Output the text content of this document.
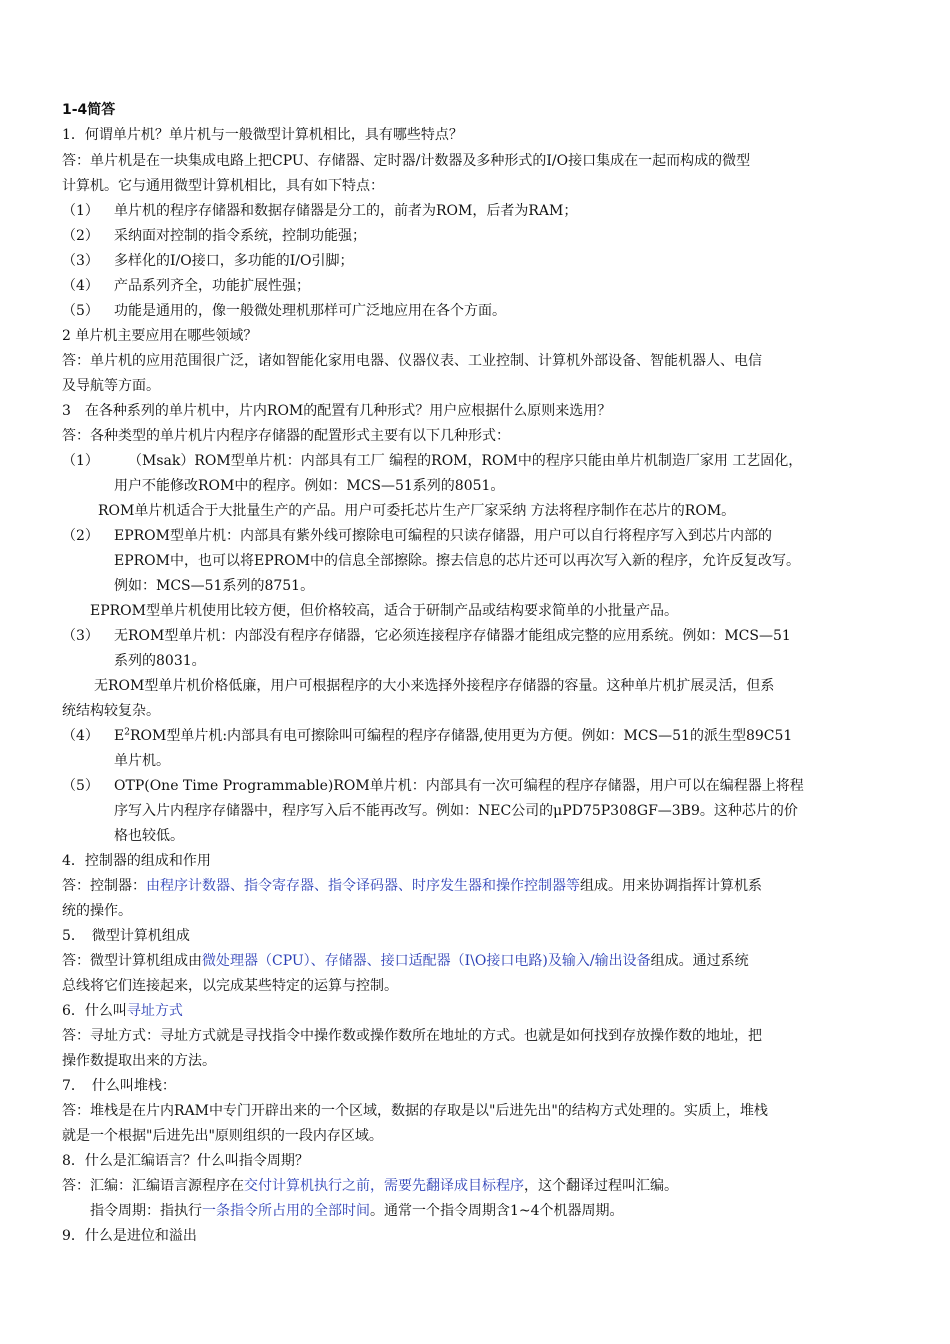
1-4简答
1．何谓单片机？单片机与一般微型计算机相比，具有哪些特点？
答：单片机是在一块集成电路上把CPU、存储器、定时器/计数器及多种形式的I/O接口集成在一起而构成的微型
计算机。它与通用微型计算机相比，具有如下特点：
（1）	单片机的程序存储器和数据存储器是分工的，前者为ROM，后者为RAM；
（2）	采纳面对控制的指令系统，控制功能强；
（3）	多样化的I/O接口，多功能的I/O引脚；
（4）	产品系列齐全，功能扩展性强；
（5）	功能是通用的，像一般微处理机那样可广泛地应用在各个方面。
2 单片机主要应用在哪些领域？
答：单片机的应用范围很广泛，诸如智能化家用电器、仪器仪表、工业控制、计算机外部设备、智能机器人、电信
及导航等方面。
3　在各种系列的单片机中，片内ROM的配置有几种形式？用户应根据什么原则来选用？
答：各种类型的单片机片内程序存储器的配置形式主要有以下几种形式：
（1）	（Msak）ROM型单片机：内部具有工厂 编程的ROM，ROM中的程序只能由单片机制造厂家用 工艺固化，
用户不能修改ROM中的程序。例如：MCS—51系列的8051。
ROM单片机适合于大批量生产的产品。用户可委托芯片生产厂家采纳 方法将程序制作在芯片的ROM。
（2）	EPROM型单片机：内部具有紫外线可擦除电可编程的只读存储器，用户可以自行将程序写入到芯片内部的
EPROM中，也可以将EPROM中的信息全部擦除。擦去信息的芯片还可以再次写入新的程序，允许反复改写。
例如：MCS—51系列的8751。
EPROM型单片机使用比较方便，但价格较高，适合于研制产品或结构要求简单的小批量产品。
（3）	无ROM型单片机：内部没有程序存储器，它必须连接程序存储器才能组成完整的应用系统。例如：MCS—51
系列的8031。
无ROM型单片机价格低廉，用户可根据程序的大小来选择外接程序存储器的容量。这种单片机扩展灵活，但系
统结构较复杂。
（4）	$E^2ROM$型单片机:内部具有电可擦除叫可编程的程序存储器,使用更为方便。例如：MCS—51的派生型89C51
单片机。
（5）	OTP(One Time Programmable)ROM单片机：内部具有一次可编程的程序存储器，用户可以在编程器上将程
序写入片内程序存储器中，程序写入后不能再改写。例如：NEC公司的μPD75P308GF—3B9。这种芯片的价
格也较低。
4．控制器的组成和作用
答：控制器：由程序计数器、指令寄存器、指令译码器、时序发生器和操作控制器等组成。用来协调指挥计算机系
统的操作。
5．　微型计算机组成
答：微型计算机组成由微处理器（CPU）、存储器、接口适配器（I\O接口电路)及输入/输出设备组成。通过系统
总线将它们连接起来，以完成某些特定的运算与控制。
6．什么叫寻址方式
答：寻址方式：寻址方式就是寻找指令中操作数或操作数所在地址的方式。也就是如何找到存放操作数的地址，把
操作数提取出来的方法。
7．　什么叫堆栈：
答：堆栈是在片内RAM中专门开辟出来的一个区域，数据的存取是以"后进先出"的结构方式处理的。实质上，堆栈
就是一个根据"后进先出"原则组织的一段内存区域。
8．什么是汇编语言？什么叫指令周期？
答：汇编：汇编语言源程序在交付计算机执行之前，需要先翻译成目标程序，这个翻译过程叫汇编。
指令周期：指执行一条指令所占用的全部时间。通常一个指令周期含1~4个机器周期。
9．什么是进位和溢出
